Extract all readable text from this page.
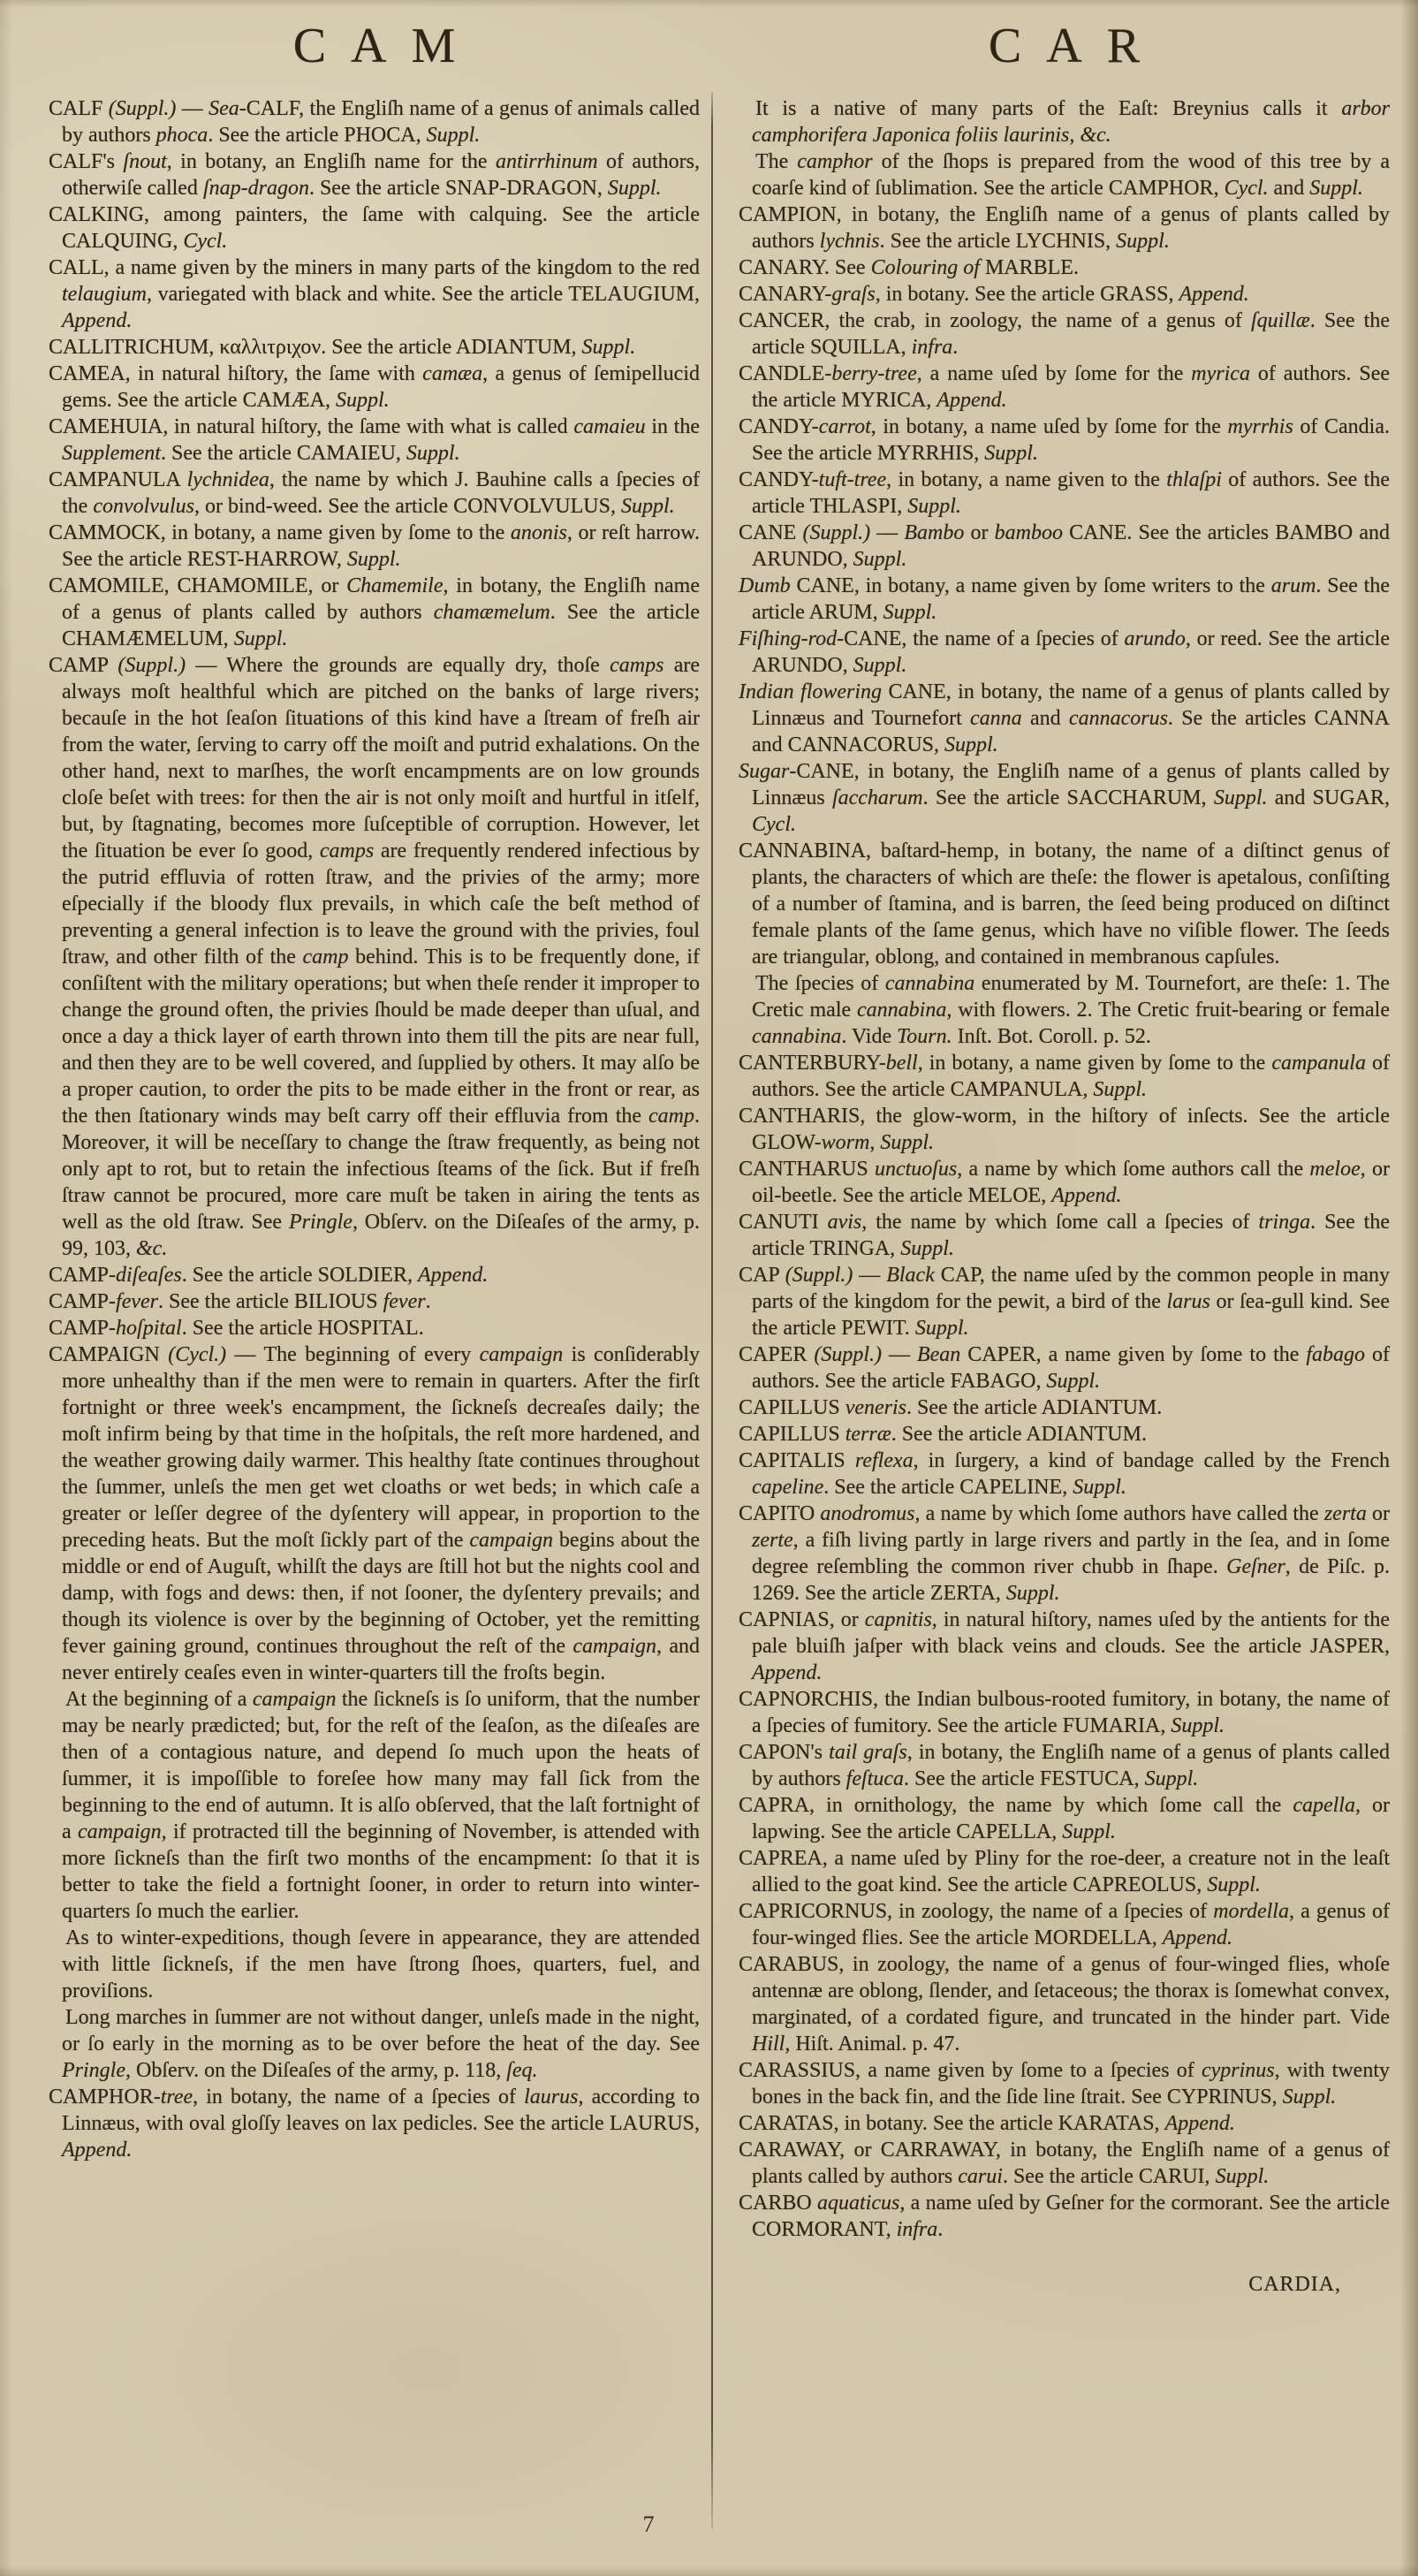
CAM	CAR

CALF (Suppl.) — Sea-CALF, the Engliſh name of a genus of animals called by authors phoca. See the article PHOCA, Suppl.

CALF's ſnout, in botany, an Engliſh name for the antirrhinum of authors, otherwiſe called ſnap-dragon. See the article SNAP-DRAGON, Suppl.

CALKING, among painters, the ſame with calquing. See the article CALQUING, Cycl.

CALL, a name given by the miners in many parts of the kingdom to the red telaugium, variegated with black and white. See the article TELAUGIUM, Append.

CALLITRICHUM, καλλιτριχον. See the article ADIANTUM, Suppl.

CAMEA, in natural hiſtory, the ſame with camæa, a genus of ſemipellucid gems. See the article CAMÆA, Suppl.

CAMEHUIA, in natural hiſtory, the ſame with what is called camaieu in the Supplement. See the article CAMAIEU, Suppl.

CAMPANULA lychnidea, the name by which J. Bauhine calls a ſpecies of the convolvulus, or bind-weed. See the article CONVOLVULUS, Suppl.

CAMMOCK, in botany, a name given by ſome to the anonis, or reſt harrow. See the article REST-HARROW, Suppl.

CAMOMILE, CHAMOMILE, or Chamemile, in botany, the Engliſh name of a genus of plants called by authors chamæmelum. See the article CHAMÆMELUM, Suppl.

CAMP (Suppl.) — Where the grounds are equally dry, thoſe camps are always moſt healthful which are pitched on the banks of large rivers; becauſe in the hot ſeaſon ſituations of this kind have a ſtream of freſh air from the water, ſerving to carry off the moiſt and putrid exhalations. On the other hand, next to marſhes, the worſt encampments are on low grounds cloſe beſet with trees: for then the air is not only moiſt and hurtful in itſelf, but, by ſtagnating, becomes more ſuſceptible of corruption. However, let the ſituation be ever ſo good, camps are frequently rendered infectious by the putrid effluvia of rotten ſtraw, and the privies of the army; more eſpecially if the bloody flux prevails, in which caſe the beſt method of preventing a general infection is to leave the ground with the privies, foul ſtraw, and other filth of the camp behind. This is to be frequently done, if conſiſtent with the military operations; but when theſe render it improper to change the ground often, the privies ſhould be made deeper than uſual, and once a day a thick layer of earth thrown into them till the pits are near full, and then they are to be well covered, and ſupplied by others. It may alſo be a proper caution, to order the pits to be made either in the front or rear, as the then ſtationary winds may beſt carry off their effluvia from the camp. Moreover, it will be neceſſary to change the ſtraw frequently, as being not only apt to rot, but to retain the infectious ſteams of the ſick. But if freſh ſtraw cannot be procured, more care muſt be taken in airing the tents as well as the old ſtraw. See Pringle, Obſerv. on the Diſeaſes of the army, p. 99, 103, &c.

CAMP-diſeaſes. See the article SOLDIER, Append.

CAMP-fever. See the article BILIOUS fever.

CAMP-hoſpital. See the article HOSPITAL.

CAMPAIGN (Cycl.) — The beginning of every campaign is conſiderably more unhealthy than if the men were to remain in quarters. After the firſt fortnight or three week's encampment, the ſickneſs decreaſes daily; the moſt infirm being by that time in the hoſpitals, the reſt more hardened, and the weather growing daily warmer. This healthy ſtate continues throughout the ſummer, unleſs the men get wet cloaths or wet beds; in which caſe a greater or leſſer degree of the dyſentery will appear, in proportion to the preceding heats. But the moſt ſickly part of the campaign begins about the middle or end of Auguſt, whilſt the days are ſtill hot but the nights cool and damp, with fogs and dews: then, if not ſooner, the dyſentery prevails; and though its violence is over by the beginning of October, yet the remitting fever gaining ground, continues throughout the reſt of the campaign, and never entirely ceaſes even in winter-quarters till the froſts begin.

At the beginning of a campaign the ſickneſs is ſo uniform, that the number may be nearly prædicted; but, for the reſt of the ſeaſon, as the diſeaſes are then of a contagious nature, and depend ſo much upon the heats of ſummer, it is impoſſible to foreſee how many may fall ſick from the beginning to the end of autumn. It is alſo obſerved, that the laſt fortnight of a campaign, if protracted till the beginning of November, is attended with more ſickneſs than the firſt two months of the encampment: ſo that it is better to take the field a fortnight ſooner, in order to return into winter-quarters ſo much the earlier.

As to winter-expeditions, though ſevere in appearance, they are attended with little ſickneſs, if the men have ſtrong ſhoes, quarters, fuel, and proviſions.

Long marches in ſummer are not without danger, unleſs made in the night, or ſo early in the morning as to be over before the heat of the day. See Pringle, Obſerv. on the Diſeaſes of the army, p. 118, ſeq.

CAMPHOR-tree, in botany, the name of a ſpecies of laurus, according to Linnæus, with oval gloſſy leaves on lax pedicles. See the article LAURUS, Append.

It is a native of many parts of the Eaſt: Breynius calls it arbor camphorifera Japonica foliis laurinis, &c.

The camphor of the ſhops is prepared from the wood of this tree by a coarſe kind of ſublimation. See the article CAMPHOR, Cycl. and Suppl.

CAMPION, in botany, the Engliſh name of a genus of plants called by authors lychnis. See the article LYCHNIS, Suppl.

CANARY. See Colouring of MARBLE.

CANARY-graſs, in botany. See the article GRASS, Append.

CANCER, the crab, in zoology, the name of a genus of ſquillæ. See the article SQUILLA, infra.

CANDLE-berry-tree, a name uſed by ſome for the myrica of authors. See the article MYRICA, Append.

CANDY-carrot, in botany, a name uſed by ſome for the myrrhis of Candia. See the article MYRRHIS, Suppl.

CANDY-tuft-tree, in botany, a name given to the thlaſpi of authors. See the article THLASPI, Suppl.

CANE (Suppl.) — Bambo or bamboo CANE. See the articles BAMBO and ARUNDO, Suppl.

Dumb CANE, in botany, a name given by ſome writers to the arum. See the article ARUM, Suppl.

Fiſhing-rod-CANE, the name of a ſpecies of arundo, or reed. See the article ARUNDO, Suppl.

Indian flowering CANE, in botany, the name of a genus of plants called by Linnæus and Tournefort canna and cannacorus. Se the articles CANNA and CANNACORUS, Suppl.

Sugar-CANE, in botany, the Engliſh name of a genus of plants called by Linnæus ſaccharum. See the article SACCHARUM, Suppl. and SUGAR, Cycl.

CANNABINA, baſtard-hemp, in botany, the name of a diſtinct genus of plants, the characters of which are theſe: the flower is apetalous, conſiſting of a number of ſtamina, and is barren, the ſeed being produced on diſtinct female plants of the ſame genus, which have no viſible flower. The ſeeds are triangular, oblong, and contained in membranous capſules.

The ſpecies of cannabina enumerated by M. Tournefort, are theſe: 1. The Cretic male cannabina, with flowers. 2. The Cretic fruit-bearing or female cannabina. Vide Tourn. Inſt. Bot. Coroll. p. 52.

CANTERBURY-bell, in botany, a name given by ſome to the campanula of authors. See the article CAMPANULA, Suppl.

CANTHARIS, the glow-worm, in the hiſtory of inſects. See the article GLOW-worm, Suppl.

CANTHARUS unctuoſus, a name by which ſome authors call the meloe, or oil-beetle. See the article MELOE, Append.

CANUTI avis, the name by which ſome call a ſpecies of tringa. See the article TRINGA, Suppl.

CAP (Suppl.) — Black CAP, the name uſed by the common people in many parts of the kingdom for the pewit, a bird of the larus or ſea-gull kind. See the article PEWIT. Suppl.

CAPER (Suppl.) — Bean CAPER, a name given by ſome to the fabago of authors. See the article FABAGO, Suppl.

CAPILLUS veneris. See the article ADIANTUM.

CAPILLUS terræ. See the article ADIANTUM.

CAPITALIS reflexa, in ſurgery, a kind of bandage called by the French capeline. See the article CAPELINE, Suppl.

CAPITO anodromus, a name by which ſome authors have called the zerta or zerte, a fiſh living partly in large rivers and partly in the ſea, and in ſome degree reſembling the common river chubb in ſhape. Geſner, de Piſc. p. 1269. See the article ZERTA, Suppl.

CAPNIAS, or capnitis, in natural hiſtory, names uſed by the antients for the pale bluiſh jaſper with black veins and clouds. See the article JASPER, Append.

CAPNORCHIS, the Indian bulbous-rooted fumitory, in botany, the name of a ſpecies of fumitory. See the article FUMARIA, Suppl.

CAPON's tail graſs, in botany, the Engliſh name of a genus of plants called by authors feſtuca. See the article FESTUCA, Suppl.

CAPRA, in ornithology, the name by which ſome call the capella, or lapwing. See the article CAPELLA, Suppl.

CAPREA, a name uſed by Pliny for the roe-deer, a creature not in the leaſt allied to the goat kind. See the article CAPREOLUS, Suppl.

CAPRICORNUS, in zoology, the name of a ſpecies of mordella, a genus of four-winged flies. See the article MORDELLA, Append.

CARABUS, in zoology, the name of a genus of four-winged flies, whoſe antennæ are oblong, ſlender, and ſetaceous; the thorax is ſomewhat convex, marginated, of a cordated figure, and truncated in the hinder part. Vide Hill, Hiſt. Animal. p. 47.

CARASSIUS, a name given by ſome to a ſpecies of cyprinus, with twenty bones in the back fin, and the ſide line ſtrait. See CYPRINUS, Suppl.

CARATAS, in botany. See the article KARATAS, Append.

CARAWAY, or CARRAWAY, in botany, the Engliſh name of a genus of plants called by authors carui. See the article CARUI, Suppl.

CARBO aquaticus, a name uſed by Geſner for the cormorant. See the article CORMORANT, infra.

CARDIA,

7
